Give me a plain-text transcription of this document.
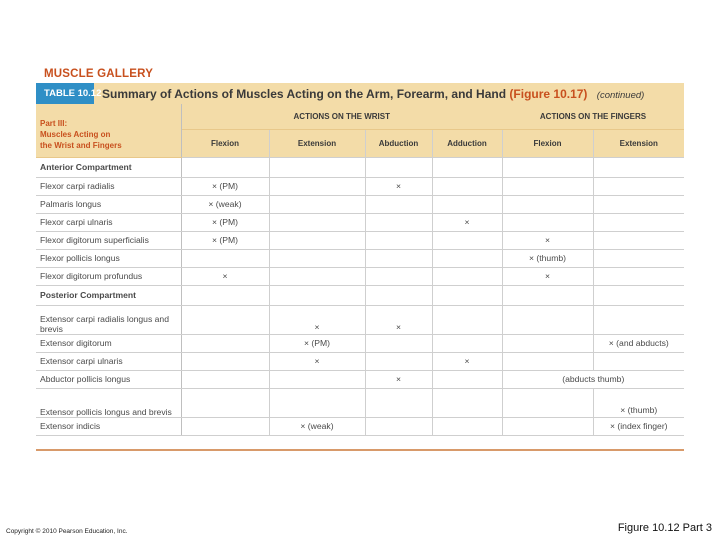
MUSCLE GALLERY
TABLE 10.12 Summary of Actions of Muscles Acting on the Arm, Forearm, and Hand (Figure 10.17) (continued)
Part III:
Muscles Acting on
the Wrist and Fingers	ACTIONS ON THE WRIST				ACTIONS ON THE FINGERS	
	Flexion	Extension	Abduction	Adduction	Flexion	Extension
Anterior Compartment						
Flexor carpi radialis	× (PM)		×			
Palmaris longus	× (weak)					
Flexor carpi ulnaris	× (PM)			×		
Flexor digitorum superficialis	× (PM)				×	
Flexor pollicis longus					× (thumb)	
Flexor digitorum profundus	×				×	
Posterior Compartment						
Extensor carpi radialis longus and brevis		×	×			
Extensor digitorum		× (PM)				× (and abducts)
Extensor carpi ulnaris		×		×		
Abductor pollicis longus			×		(abducts thumb)	
Extensor pollicis longus and brevis						× (thumb)
Extensor indicis		× (weak)				× (index finger)
Copyright © 2010 Pearson Education, Inc.	Figure 10.12 Part 3
